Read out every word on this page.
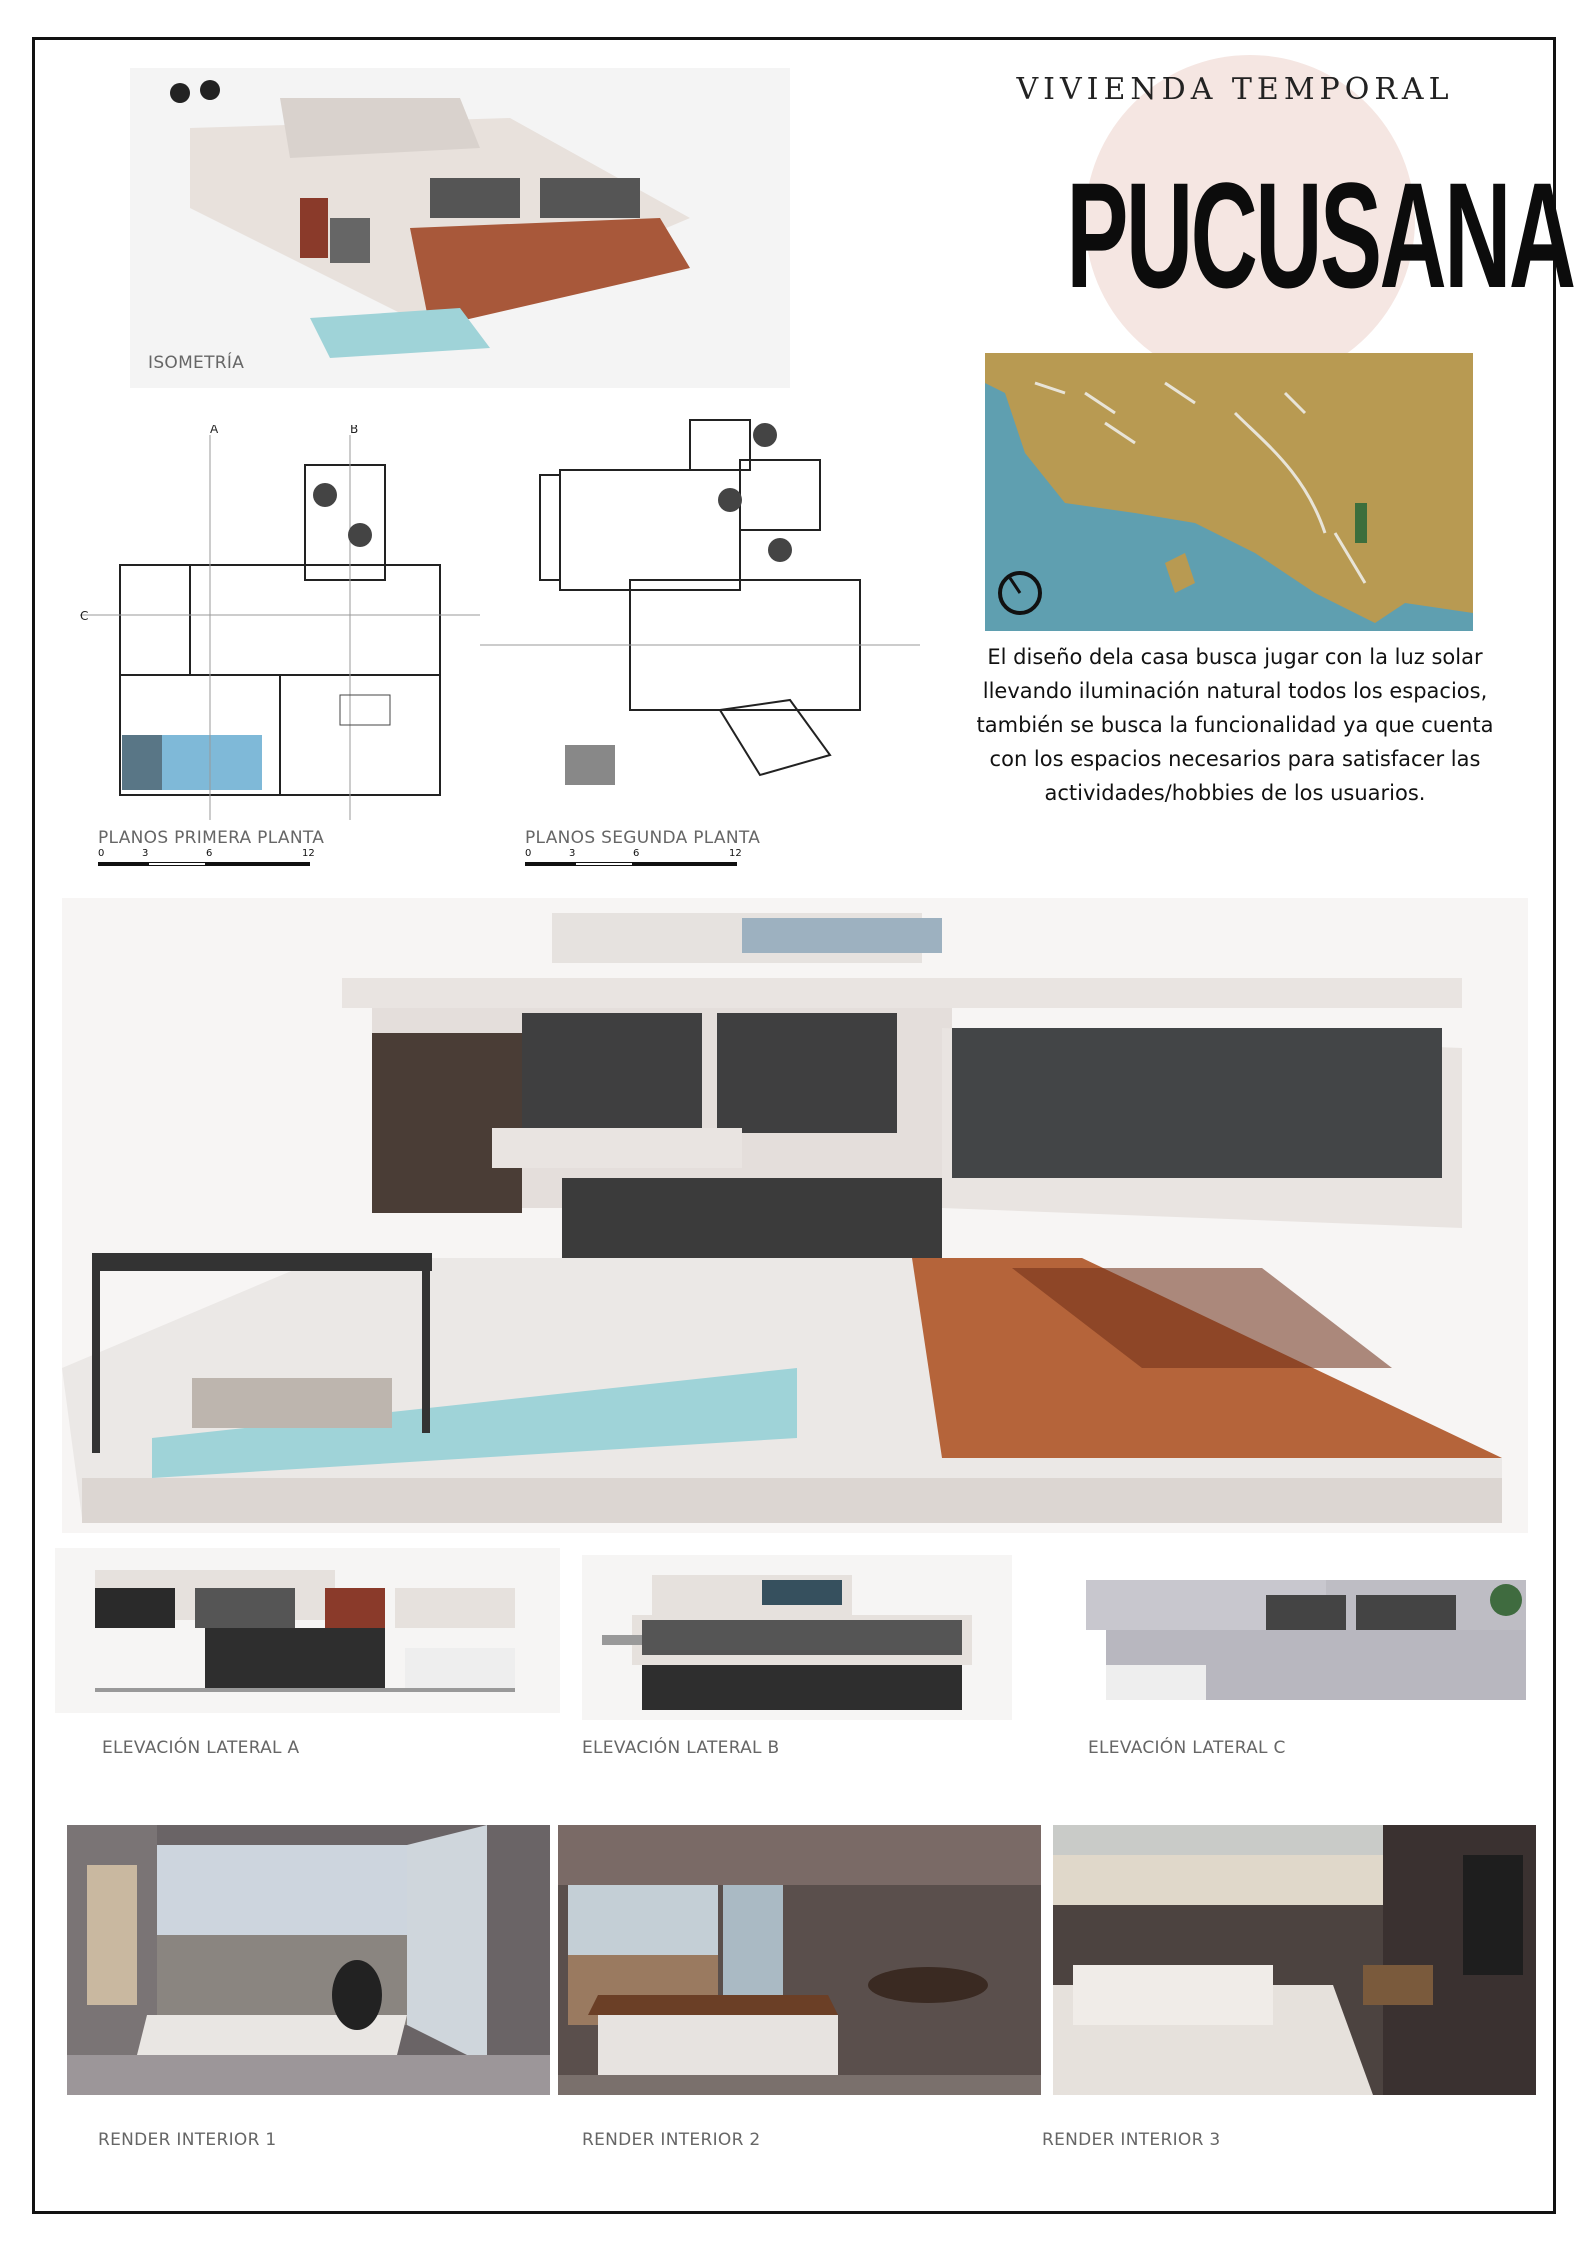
VIVIENDA TEMPORAL
PUCUSANA
ISOMETRÍA
A	B
C
PLANOS PRIMERA PLANTA
0	3	6	12
PLANOS SEGUNDA PLANTA
0	3	6	12
El diseño dela casa busca jugar con la luz solar llevando iluminación natural todos los espacios, también se busca la funcionalidad ya que cuenta con los espacios necesarios para satisfacer las actividades/hobbies de los usuarios.
ELEVACIÓN LATERAL A	ELEVACIÓN LATERAL B	ELEVACIÓN LATERAL C
RENDER INTERIOR 1	RENDER INTERIOR 2	RENDER INTERIOR 3
